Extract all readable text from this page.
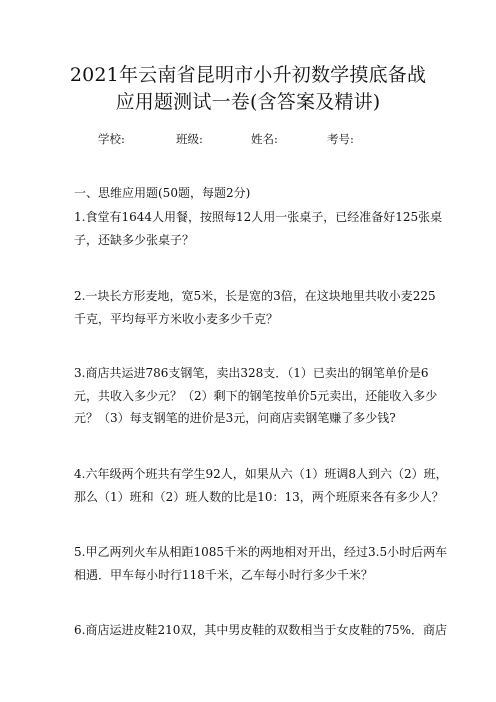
2021年云南省昆明市小升初数学摸底备战
应用题测试一卷(含答案及精讲)
学校:	班级:	姓名:	考号:
一、思维应用题(50题，每题2分)
1.食堂有1644人用餐，按照每12人用一张桌子，已经准备好125张桌
子，还缺多少张桌子？
2.一块长方形麦地，宽5米，长是宽的3倍，在这块地里共收小麦225
千克，平均每平方米收小麦多少千克？
3.商店共运进786支钢笔，卖出328支．（1）已卖出的钢笔单价是6
元，共收入多少元？（2）剩下的钢笔按单价5元卖出，还能收入多少
元？（3）每支钢笔的进价是3元，问商店卖钢笔赚了多少钱?
4.六年级两个班共有学生92人，如果从六（1）班调8人到六（2）班，
那么（1）班和（2）班人数的比是10：13，两个班原来各有多少人？
5.甲乙两列火车从相距1085千米的两地相对开出，经过3.5小时后两车
相遇．甲车每小时行118千米，乙车每小时行多少千米？
6.商店运进皮鞋210双，其中男皮鞋的双数相当于女皮鞋的75%．商店
